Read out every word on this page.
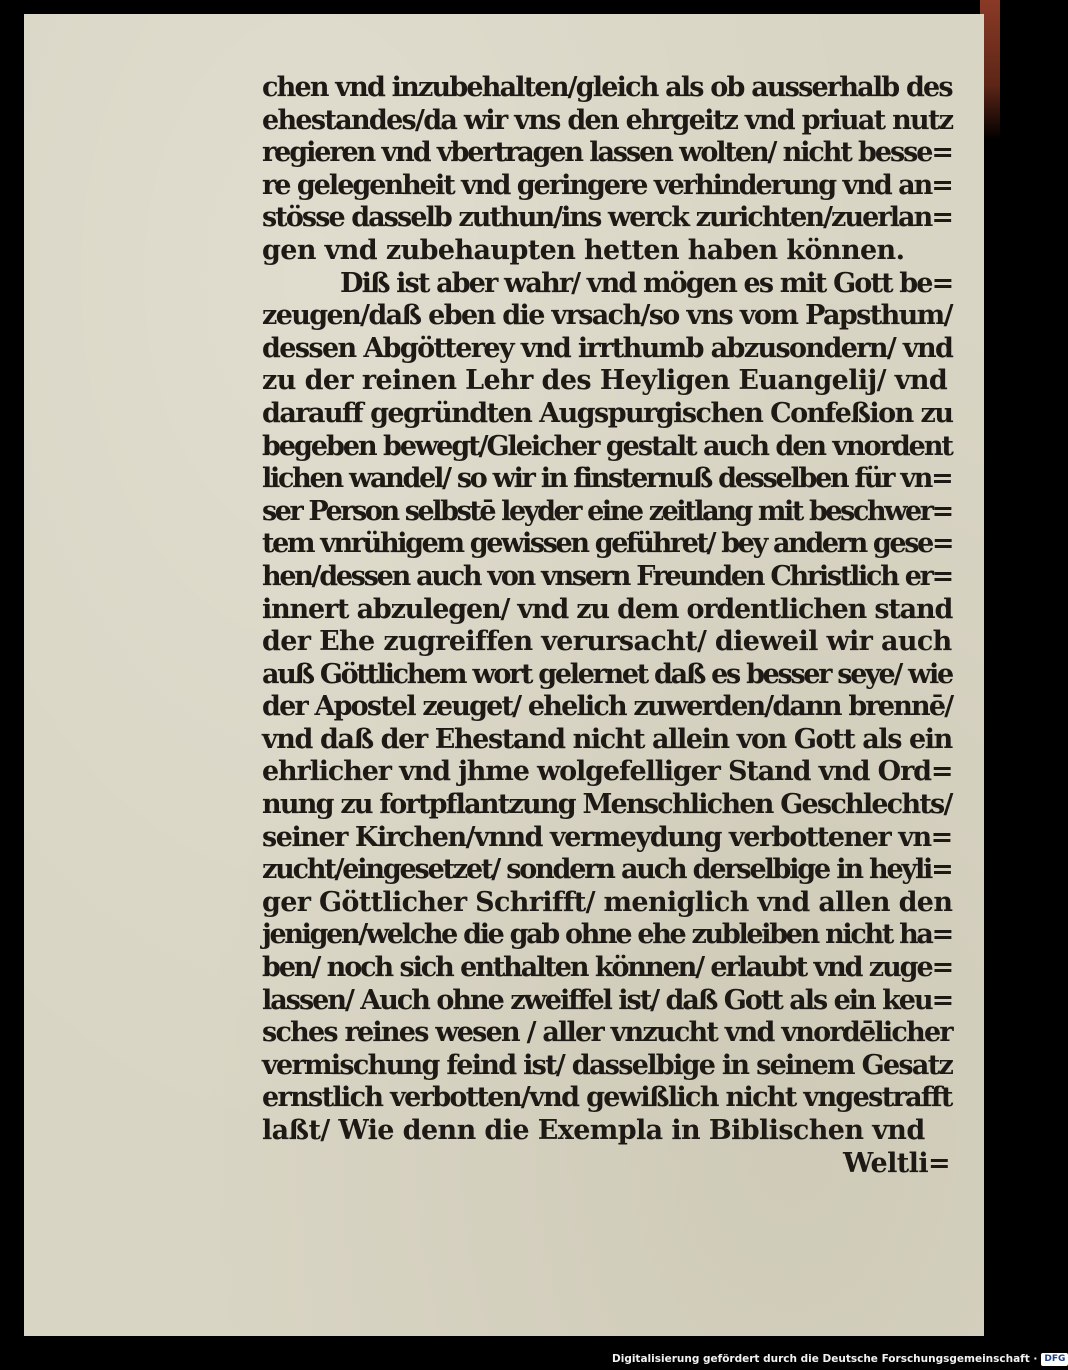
chen vnd inzubehalten/gleich als ob ausserhalb des
ehestandes/da wir vns den ehrgeitz vnd priuat nutz
regieren vnd vbertragen lassen wolten/ nicht besse=
re gelegenheit vnd geringere verhinderung vnd an=
stösse dasselb zuthun/ins werck zurichten/zuerlan=
gen vnd zubehaupten hetten haben können.
Diß ist aber wahr/ vnd mögen es mit Gott be=
zeugen/daß eben die vrsach/so vns vom Papsthum/
dessen Abgötterey vnd irrthumb abzusondern/ vnd
zu der reinen Lehr des Heyligen Euangelij/ vnd
darauff gegründten Augspurgischen Confeßion zu
begeben bewegt/Gleicher gestalt auch den vnordent
lichen wandel/ so wir in finsternuß desselben für vn=
ser Person selbstē leyder eine zeitlang mit beschwer=
tem vnrühigem gewissen geführet/ bey andern gese=
hen/dessen auch von vnsern Freunden Christlich er=
innert abzulegen/ vnd zu dem ordentlichen stand
der Ehe zugreiffen verursacht/ dieweil wir auch
auß Göttlichem wort gelernet daß es besser seye/ wie
der Apostel zeuget/ ehelich zuwerden/dann brennē/
vnd daß der Ehestand nicht allein von Gott als ein
ehrlicher vnd jhme wolgefelliger Stand vnd Ord=
nung zu fortpflantzung Menschlichen Geschlechts/
seiner Kirchen/vnnd vermeydung verbottener vn=
zucht/eingesetzet/ sondern auch derselbige in heyli=
ger Göttlicher Schrifft/ meniglich vnd allen den
jenigen/welche die gab ohne ehe zubleiben nicht ha=
ben/ noch sich enthalten können/ erlaubt vnd zuge=
lassen/ Auch ohne zweiffel ist/ daß Gott als ein keu=
sches reines wesen / aller vnzucht vnd vnordēlicher
vermischung feind ist/ dasselbige in seinem Gesatz
ernstlich verbotten/vnd gewißlich nicht vngestrafft
laßt/ Wie denn die Exempla in Biblischen vnd
Weltli=
Digitalisierung gefördert durch die Deutsche Forschungsgemeinschaft · DFG
